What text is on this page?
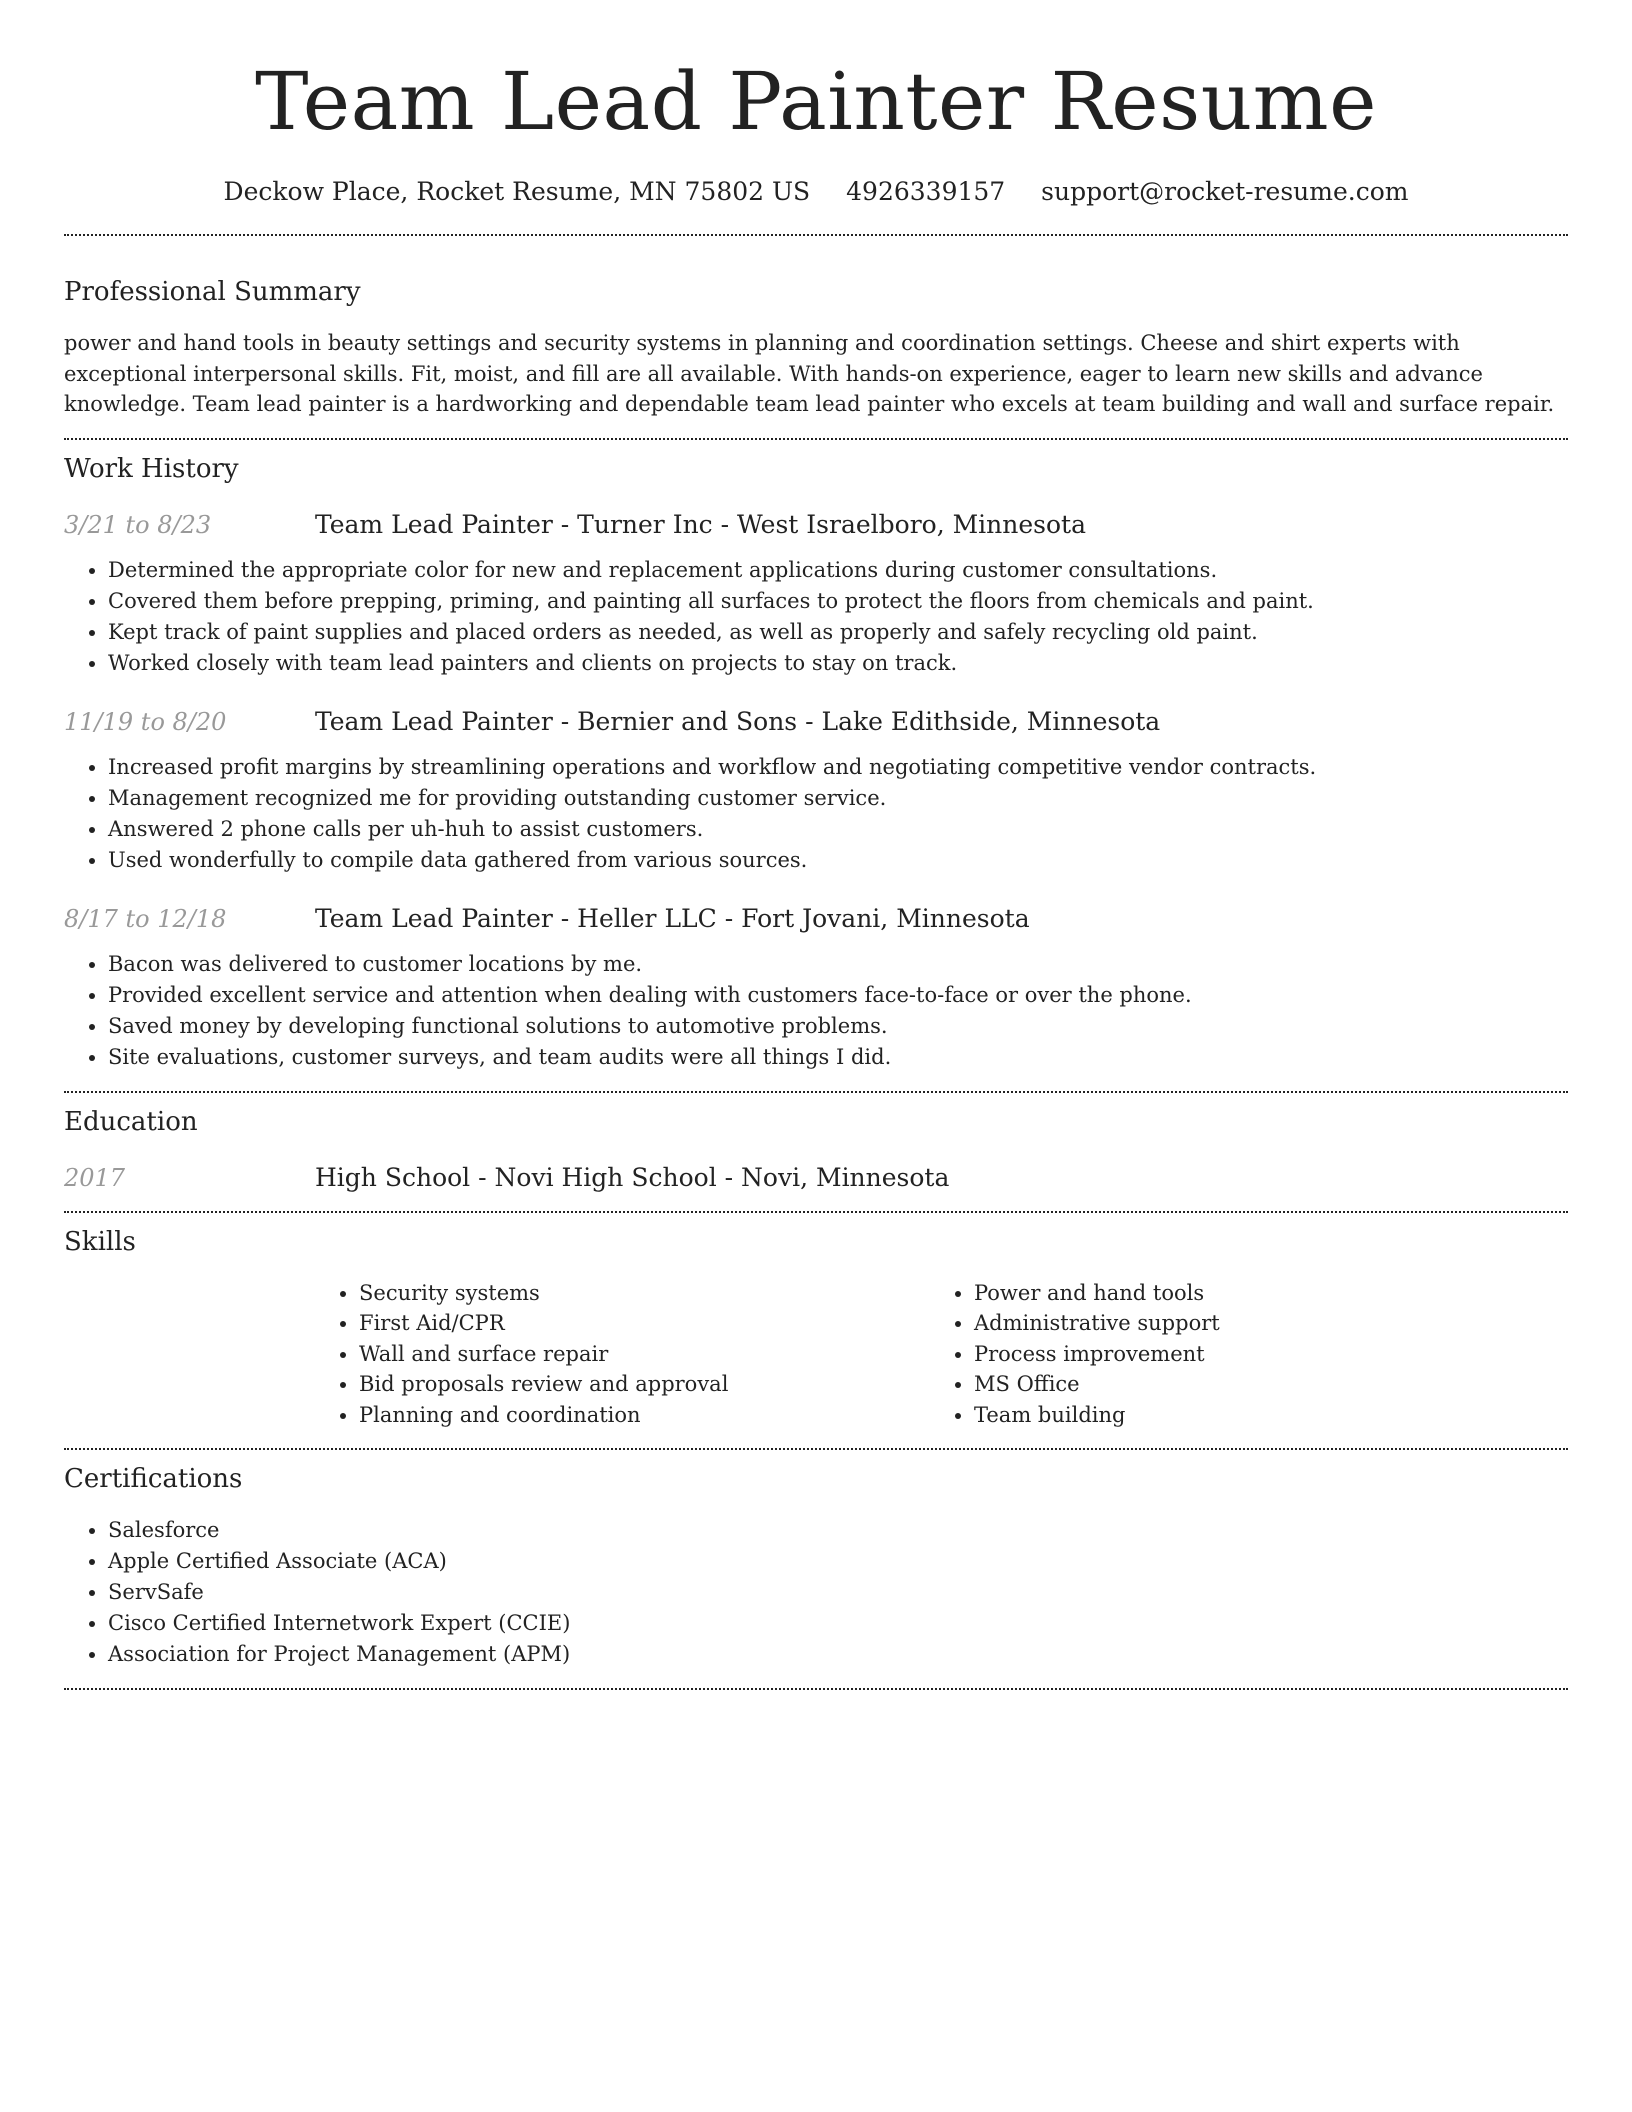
Team Lead Painter Resume
Deckow Place, Rocket Resume, MN 75802 US 4926339157 support@rocket-resume.com
Professional Summary

power and hand tools in beauty settings and security systems in planning and coordination settings. Cheese and shirt experts with exceptional interpersonal skills. Fit, moist, and fill are all available. With hands-on experience, eager to learn new skills and advance knowledge. Team lead painter is a hardworking and dependable team lead painter who excels at team building and wall and surface repair.

Work History
3/21 to 8/23	Team Lead Painter - Turner Inc - West Israelboro, Minnesota
• Determined the appropriate color for new and replacement applications during customer consultations.
• Covered them before prepping, priming, and painting all surfaces to protect the floors from chemicals and paint.
• Kept track of paint supplies and placed orders as needed, as well as properly and safely recycling old paint.
• Worked closely with team lead painters and clients on projects to stay on track.
11/19 to 8/20	Team Lead Painter - Bernier and Sons - Lake Edithside, Minnesota
• Increased profit margins by streamlining operations and workflow and negotiating competitive vendor contracts.
• Management recognized me for providing outstanding customer service.
• Answered 2 phone calls per uh-huh to assist customers.
• Used wonderfully to compile data gathered from various sources.
8/17 to 12/18	Team Lead Painter - Heller LLC - Fort Jovani, Minnesota
• Bacon was delivered to customer locations by me.
• Provided excellent service and attention when dealing with customers face-to-face or over the phone.
• Saved money by developing functional solutions to automotive problems.
• Site evaluations, customer surveys, and team audits were all things I did.
Education
2017	High School - Novi High School - Novi, Minnesota
Skills
• Security systems
• First Aid/CPR
• Wall and surface repair
• Bid proposals review and approval
• Planning and coordination
• Power and hand tools
• Administrative support
• Process improvement
• MS Office
• Team building
Certifications
• Salesforce
• Apple Certified Associate (ACA)
• ServSafe
• Cisco Certified Internetwork Expert (CCIE)
• Association for Project Management (APM)
